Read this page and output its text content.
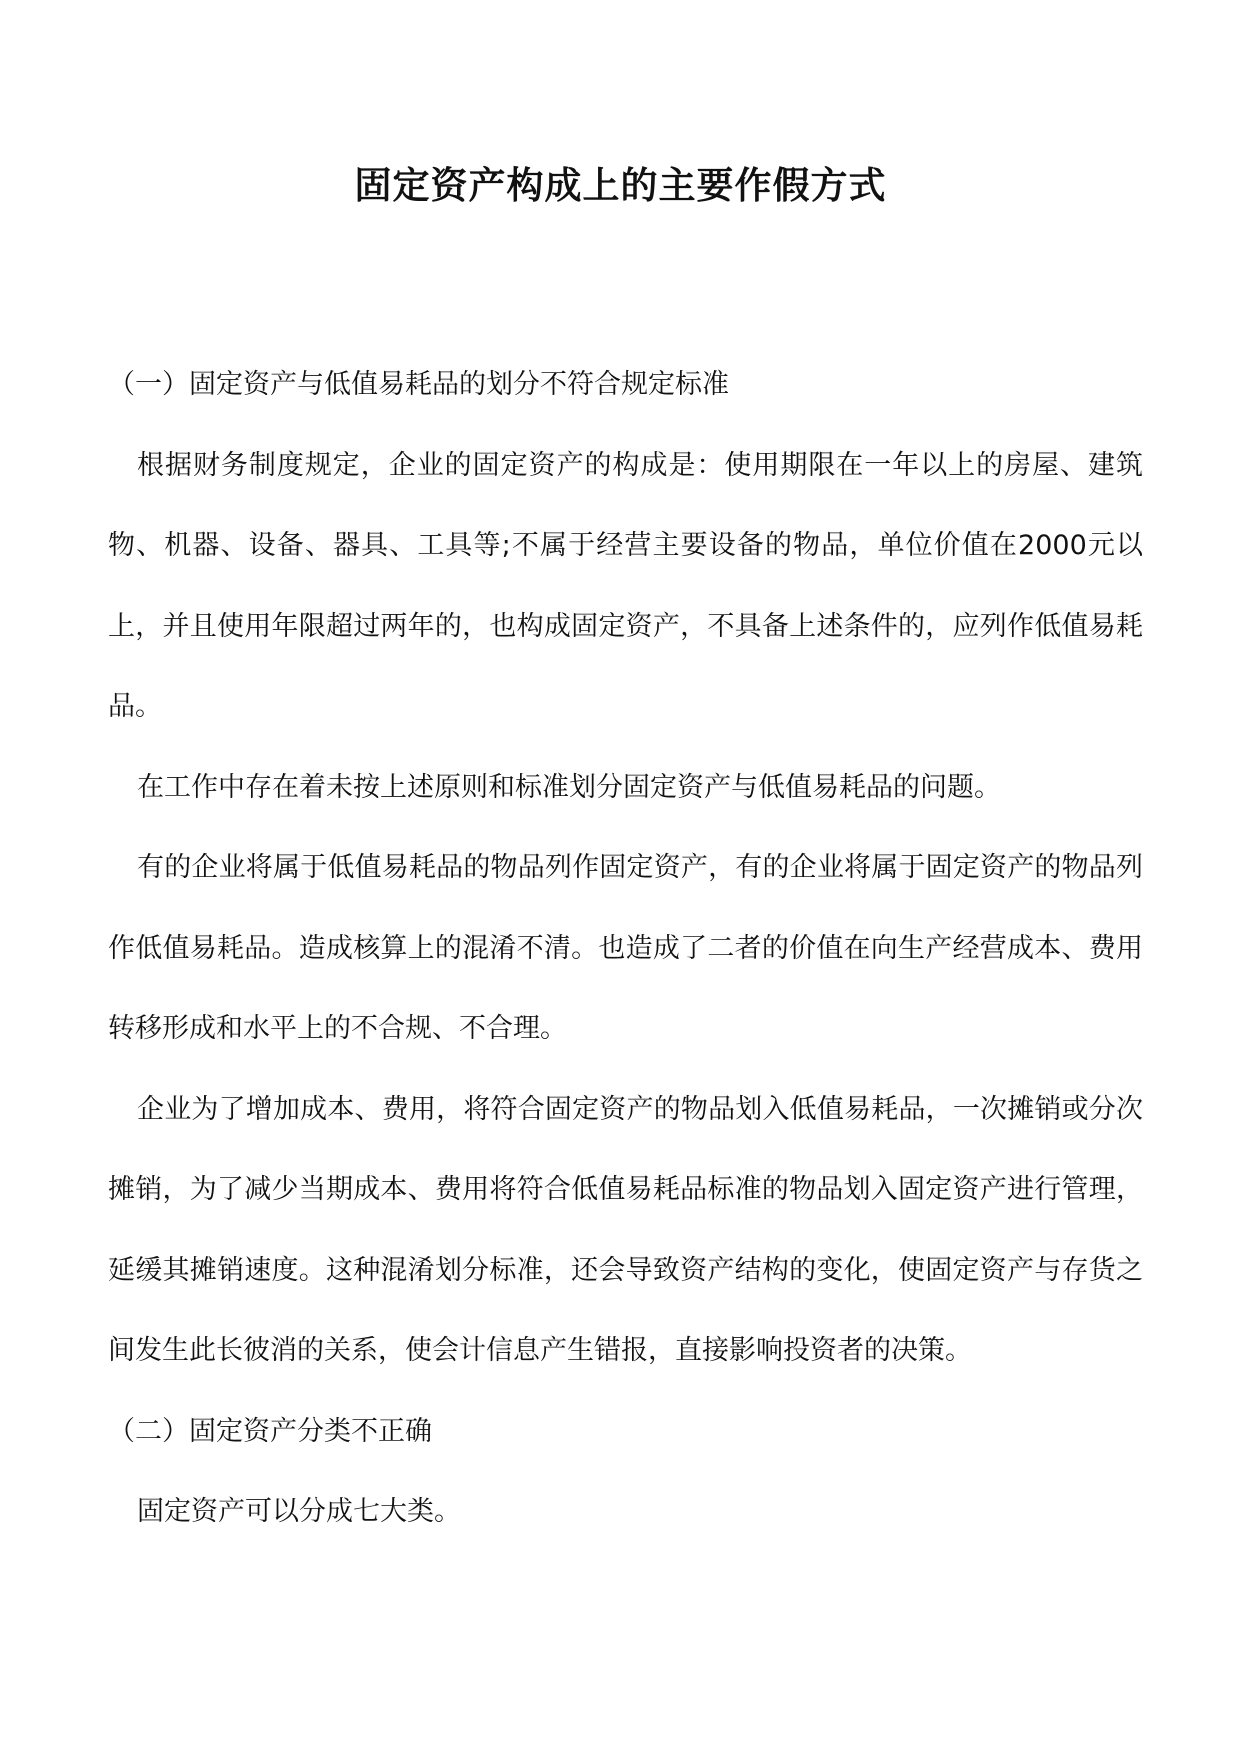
固定资产构成上的主要作假方式

（一）固定资产与低值易耗品的划分不符合规定标准

根据财务制度规定，企业的固定资产的构成是：使用期限在一年以上的房屋、建筑物、机器、设备、器具、工具等;不属于经营主要设备的物品，单位价值在2000元以上，并且使用年限超过两年的，也构成固定资产，不具备上述条件的，应列作低值易耗品。

在工作中存在着未按上述原则和标准划分固定资产与低值易耗品的问题。

有的企业将属于低值易耗品的物品列作固定资产，有的企业将属于固定资产的物品列作低值易耗品。造成核算上的混淆不清。也造成了二者的价值在向生产经营成本、费用转移形成和水平上的不合规、不合理。

企业为了增加成本、费用，将符合固定资产的物品划入低值易耗品，一次摊销或分次摊销，为了减少当期成本、费用将符合低值易耗品标准的物品划入固定资产进行管理，延缓其摊销速度。这种混淆划分标准，还会导致资产结构的变化，使固定资产与存货之间发生此长彼消的关系，使会计信息产生错报，直接影响投资者的决策。

（二）固定资产分类不正确

固定资产可以分成七大类。
